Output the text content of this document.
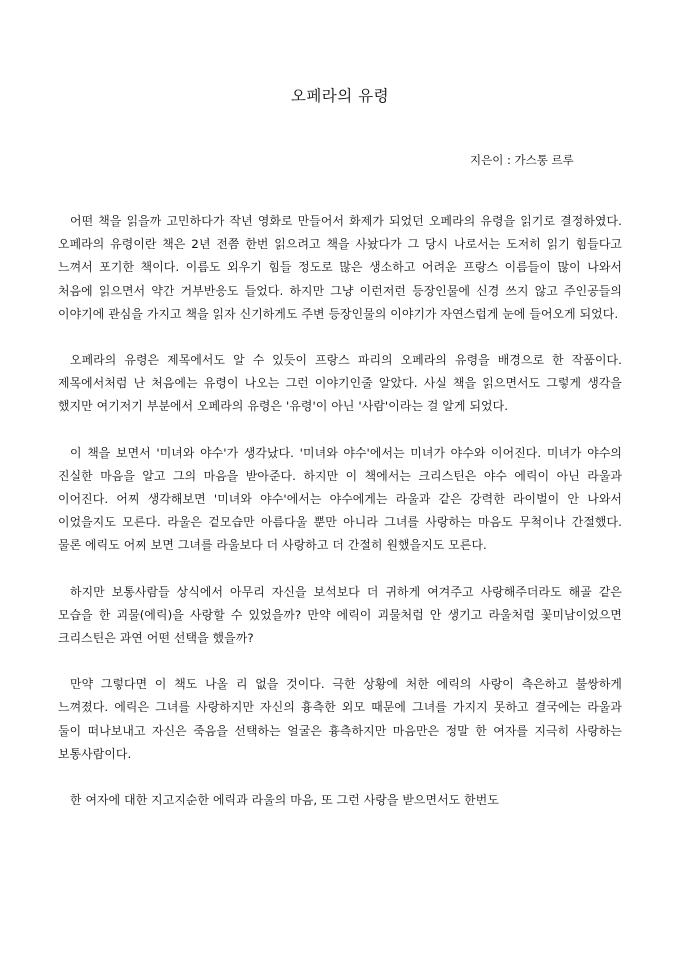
오페라의 유령

지은이 : 가스통 르루

어떤 책을 읽을까 고민하다가 작년 영화로 만들어서 화제가 되었던 오페라의 유령을 읽기로 결정하였다. 오페라의 유령이란 책은 2년 전쯤 한번 읽으려고 책을 사놨다가 그 당시 나로서는 도저히 읽기 힘들다고 느껴서 포기한 책이다. 이름도 외우기 힘들 정도로 많은 생소하고 어려운 프랑스 이름들이 많이 나와서 처음에 읽으면서 약간 거부반응도 들었다. 하지만 그냥 이런저런 등장인물에 신경 쓰지 않고 주인공들의 이야기에 관심을 가지고 책을 읽자 신기하게도 주변 등장인물의 이야기가 자연스럽게 눈에 들어오게 되었다.

오페라의 유령은 제목에서도 알 수 있듯이 프랑스 파리의 오페라의 유령을 배경으로 한 작품이다. 제목에서처럼 난 처음에는 유령이 나오는 그런 이야기인줄 알았다. 사실 책을 읽으면서도 그렇게 생각을 했지만 여기저기 부분에서 오페라의 유령은 '유령'이 아닌 '사람'이라는 걸 알게 되었다.

이 책을 보면서 '미녀와 야수'가 생각났다. '미녀와 야수'에서는 미녀가 야수와 이어진다. 미녀가 야수의 진실한 마음을 알고 그의 마음을 받아준다. 하지만 이 책에서는 크리스틴은 야수 에릭이 아닌 라울과 이어진다. 어찌 생각해보면 '미녀와 야수'에서는 야수에게는 라울과 같은 강력한 라이벌이 안 나와서 이었을지도 모른다. 라울은 겉모습만 아름다울 뿐만 아니라 그녀를 사랑하는 마음도 무척이나 간절했다. 물론 에릭도 어찌 보면 그녀를 라울보다 더 사랑하고 더 간절히 원했을지도 모른다.

하지만 보통사람들 상식에서 아무리 자신을 보석보다 더 귀하게 여겨주고 사랑해주더라도 해골 같은 모습을 한 괴물(에릭)을 사랑할 수 있었을까? 만약 에릭이 괴물처럼 안 생기고 라울처럼 꽃미남이었으면 크리스틴은 과연 어떤 선택을 했을까?

만약 그렇다면 이 책도 나올 리 없을 것이다. 극한 상황에 처한 에릭의 사랑이 측은하고 불쌍하게 느껴졌다. 에릭은 그녀를 사랑하지만 자신의 흉측한 외모 때문에 그녀를 가지지 못하고 결국에는 라울과 둘이 떠나보내고 자신은 죽음을 선택하는 얼굴은 흉측하지만 마음만은 정말 한 여자를 지극히 사랑하는 보통사람이다.

한 여자에 대한 지고지순한 에릭과 라울의 마음, 또 그런 사랑을 받으면서도 한번도
